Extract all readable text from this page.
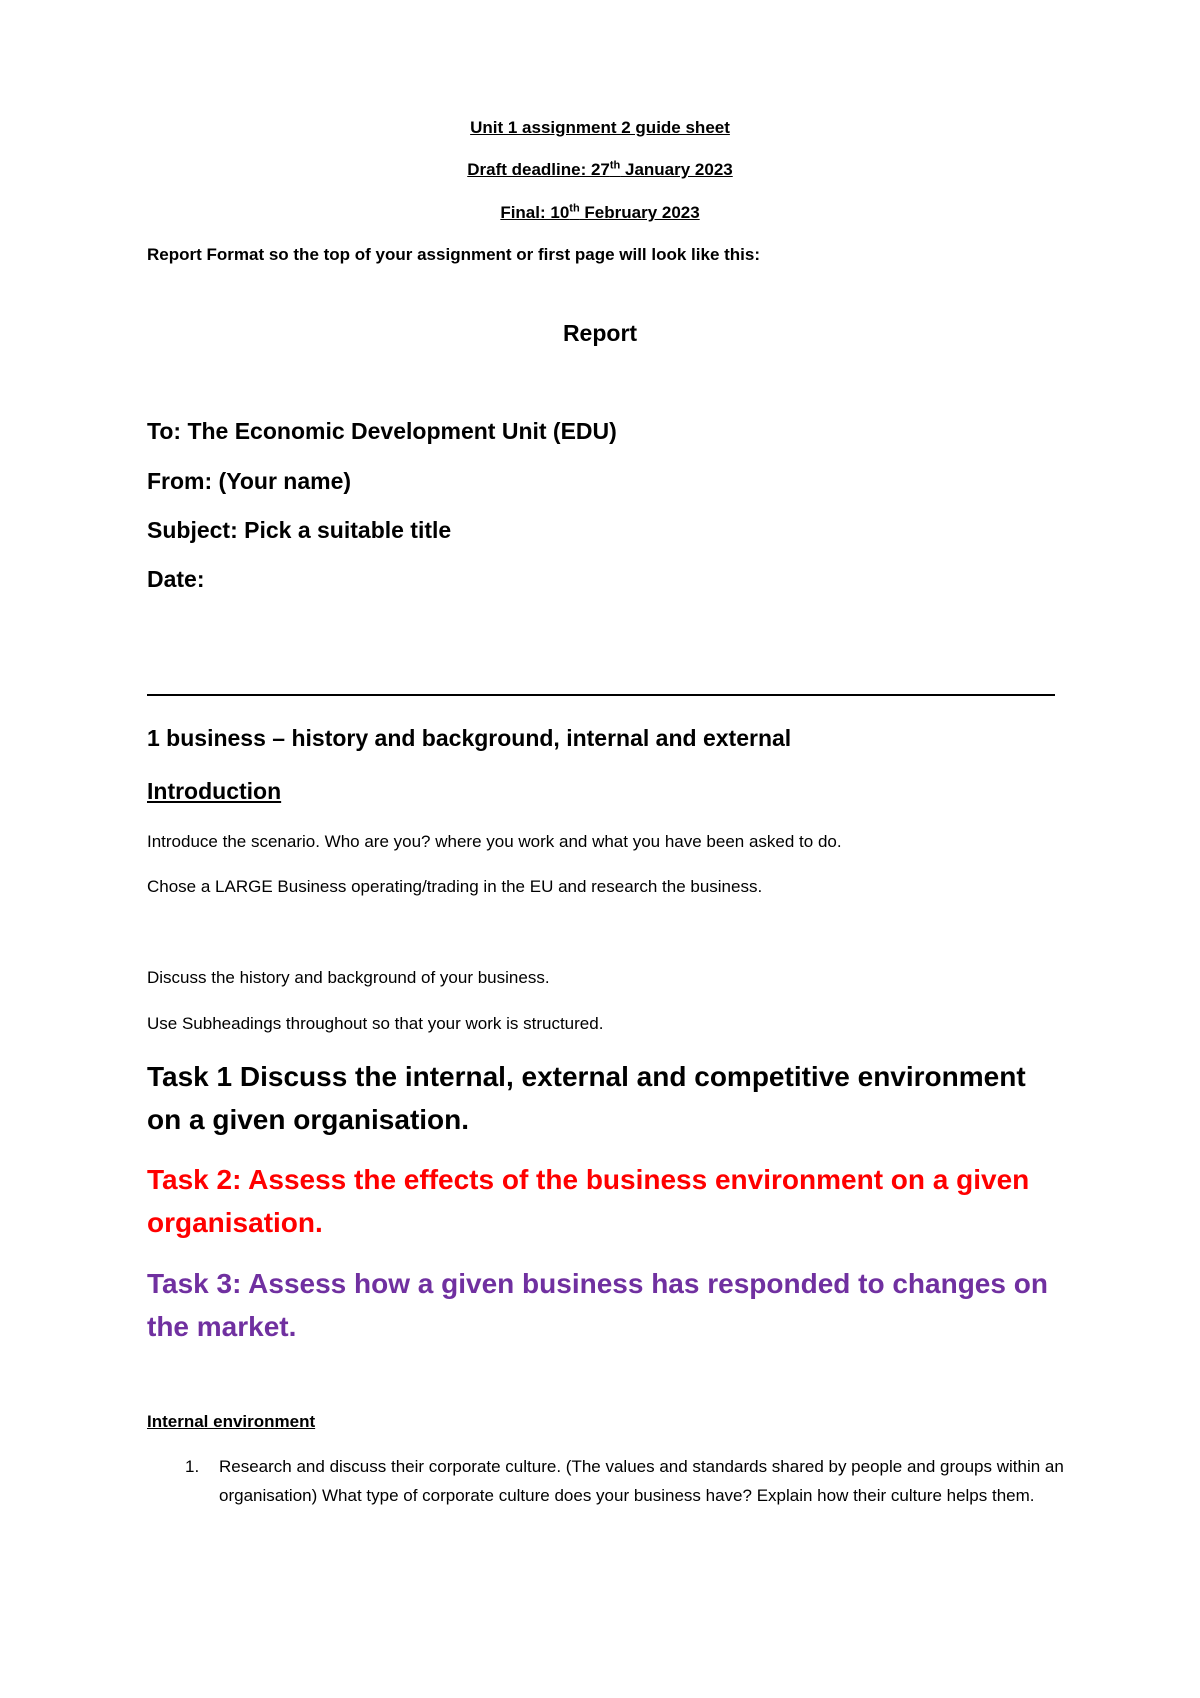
Unit 1 assignment 2 guide sheet

Draft deadline: 27th January 2023

Final: 10th February 2023

Report Format so the top of your assignment or first page will look like this:

Report

To: The Economic Development Unit (EDU)

From: (Your name)

Subject: Pick a suitable title

Date:

1 business – history and background, internal and external

Introduction

Introduce the scenario. Who are you? where you work and what you have been asked to do.

Chose a LARGE Business operating/trading in the EU and research the business.

Discuss the history and background of your business.

Use Subheadings throughout so that your work is structured.

Task 1 Discuss the internal, external and competitive environment on a given organisation.

Task 2: Assess the effects of the business environment on a given organisation.

Task 3: Assess how a given business has responded to changes on the market.

Internal environment

1. Research and discuss their corporate culture. (The values and standards shared by people and groups within an organisation) What type of corporate culture does your business have? Explain how their culture helps them.
